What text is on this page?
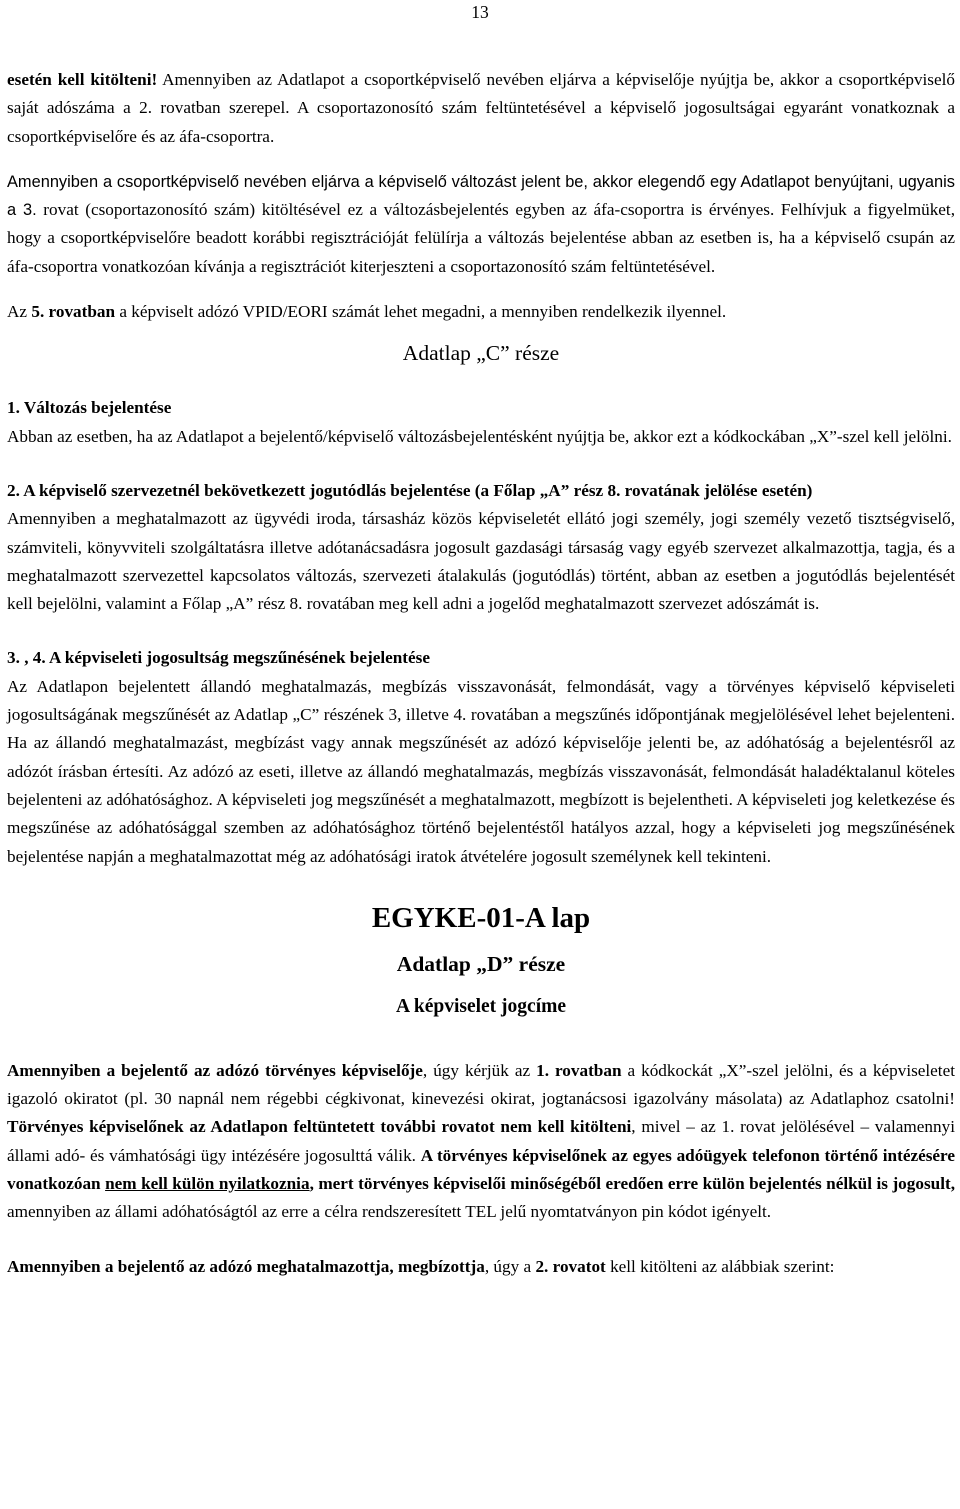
13

esetén kell kitölteni! Amennyiben az Adatlapot a csoportképviselő nevében eljárva a képviselője nyújtja be, akkor a csoportképviselő saját adószáma a 2. rovatban szerepel. A csoportazonosító szám feltüntetésével a képviselő jogosultságai egyaránt vonatkoznak a csoportképviselőre és az áfa-csoportra.

Amennyiben a csoportképviselő nevében eljárva a képviselő változást jelent be, akkor elegendő egy Adatlapot benyújtani, ugyanis a 3. rovat (csoportazonosító szám) kitöltésével ez a változásbejelentés egyben az áfa-csoportra is érvényes. Felhívjuk a figyelmüket, hogy a csoportképviselőre beadott korábbi regisztrációját felülírja a változás bejelentése abban az esetben is, ha a képviselő csupán az áfa-csoportra vonatkozóan kívánja a regisztrációt kiterjeszteni a csoportazonosító szám feltüntetésével.

Az 5. rovatban a képviselt adózó VPID/EORI számát lehet megadni, a mennyiben rendelkezik ilyennel.

Adatlap „C” része

1. Változás bejelentése

Abban az esetben, ha az Adatlapot a bejelentő/képviselő változásbejelentésként nyújtja be, akkor ezt a kódkockában „X”-szel kell jelölni.

2. A képviselő szervezetnél bekövetkezett jogutódlás bejelentése (a Főlap „A” rész 8. rovatának jelölése esetén)

Amennyiben a meghatalmazott az ügyvédi iroda, társasház közös képviseletét ellátó jogi személy, jogi személy vezető tisztségviselő, számviteli, könyvviteli szolgáltatásra illetve adótanácsadásra jogosult gazdasági társaság vagy egyéb szervezet alkalmazottja, tagja, és a meghatalmazott szervezettel kapcsolatos változás, szervezeti átalakulás (jogutódlás) történt, abban az esetben a jogutódlás bejelentését kell bejelölni, valamint a Főlap „A” rész 8. rovatában meg kell adni a jogelőd meghatalmazott szervezet adószámát is.

3. , 4. A képviseleti jogosultság megszűnésének bejelentése

Az Adatlapon bejelentett állandó meghatalmazás, megbízás visszavonását, felmondását, vagy a törvényes képviselő képviseleti jogosultságának megszűnését az Adatlap „C” részének 3, illetve 4. rovatában a megszűnés időpontjának megjelölésével lehet bejelenteni. Ha az állandó meghatalmazást, megbízást vagy annak megszűnését az adózó képviselője jelenti be, az adóhatóság a bejelentésről az adózót írásban értesíti. Az adózó az eseti, illetve az állandó meghatalmazás, megbízás visszavonását, felmondását haladéktalanul köteles bejelenteni az adóhatósághoz. A képviseleti jog megszűnését a meghatalmazott, megbízott is bejelentheti. A képviseleti jog keletkezése és megszűnése az adóhatósággal szemben az adóhatósághoz történő bejelentéstől hatályos azzal, hogy a képviseleti jog megszűnésének bejelentése napján a meghatalmazottat még az adóhatósági iratok átvételére jogosult személynek kell tekinteni.

EGYKE-01-A lap
Adatlap „D” része
A képviselet jogcíme

Amennyiben a bejelentő az adózó törvényes képviselője, úgy kérjük az 1. rovatban a kódkockát „X”-szel jelölni, és a képviseletet igazoló okiratot (pl. 30 napnál nem régebbi cégkivonat, kinevezési okirat, jogtanácsosi igazolvány másolata) az Adatlaphoz csatolni! Törvényes képviselőnek az Adatlapon feltüntetett további rovatot nem kell kitölteni, mivel – az 1. rovat jelölésével – valamennyi állami adó- és vámhatósági ügy intézésére jogosulttá válik. A törvényes képviselőnek az egyes adóügyek telefonon történő intézésére vonatkozóan nem kell külön nyilatkoznia, mert törvényes képviselői minőségéből eredően erre külön bejelentés nélkül is jogosult, amennyiben az állami adóhatóságtól az erre a célra rendszeresített TEL jelű nyomtatványon pin kódot igényelt.

Amennyiben a bejelentő az adózó meghatalmazottja, megbízottja, úgy a 2. rovatot kell kitölteni az alábbiak szerint:
